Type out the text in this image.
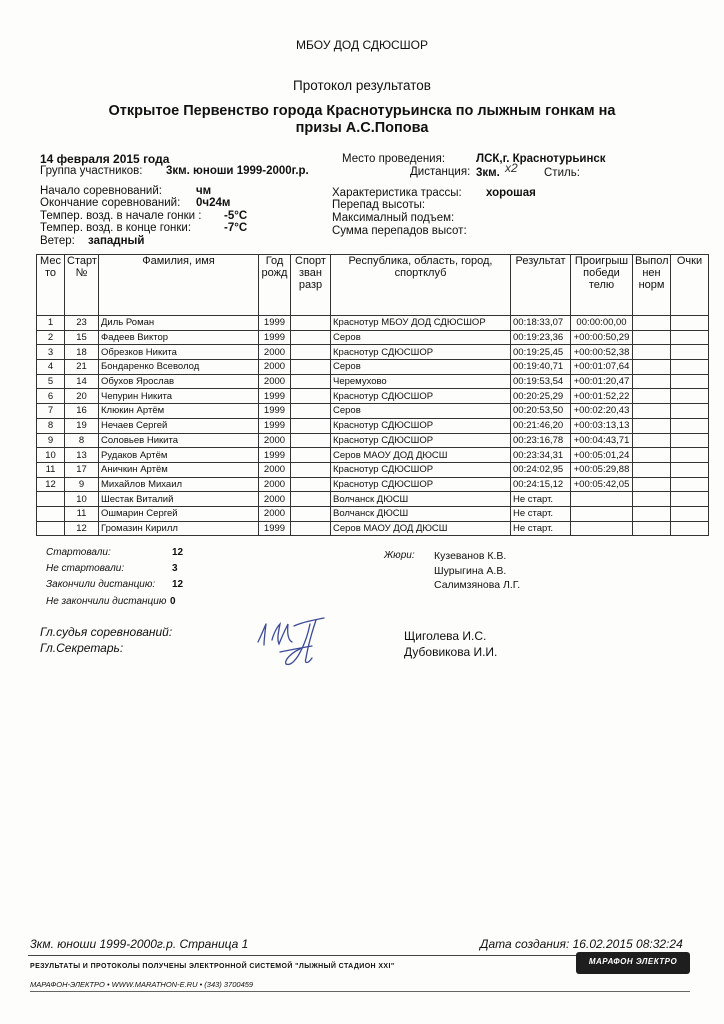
МБОУ ДОД СДЮСШОР
Протокол результатов
Открытое Первенство города Краснотурьинска по лыжным гонкам на
призы А.С.Попова
14 февраля 2015 года
Группа участников: 3км. юноши 1999-2000г.р.
Начало соревнований:	чм
Окончание соревнований: 0ч24м
Темпер. возд. в начале гонки : -5°С
Темпер. возд. в конце гонки:	-7°С
Ветер: западный
Место проведения:	ЛСК,г. Краснотурьинск
Дистанция: 3км. x2 Стиль:
Характеристика трассы: хорошая
Перепад высоты:
Максималный подъем:
Сумма перепадов высот:
Мес то	Старт №	Фамилия, имя	Год рожд	Спорт зван разр	Республика, область, город, спортклуб	Результат	Проигрыш победи телю	Выпол нен норм	Очки
1	23	Диль Роман	1999		Краснотур МБОУ ДОД СДЮСШОР	00:18:33,07	00:00:00,00		
2	15	Фадеев Виктор	1999		Серов	00:19:23,36	+00:00:50,29		
3	18	Обрезков Никита	2000		Краснотур СДЮСШОР	00:19:25,45	+00:00:52,38		
4	21	Бондаренко Всеволод	2000		Серов	00:19:40,71	+00:01:07,64		
5	14	Обухов Ярослав	2000		Черемухово	00:19:53,54	+00:01:20,47		
6	20	Чепурин Никита	1999		Краснотур СДЮСШОР	00:20:25,29	+00:01:52,22		
7	16	Клюкин Артём	1999		Серов	00:20:53,50	+00:02:20,43		
8	19	Нечаев Сергей	1999		Краснотур СДЮСШОР	00:21:46,20	+00:03:13,13		
9	8	Соловьев Никита	2000		Краснотур СДЮСШОР	00:23:16,78	+00:04:43,71		
10	13	Рудаков Артём	1999		Серов МАОУ ДОД ДЮСШ	00:23:34,31	+00:05:01,24		
11	17	Аничкин Артём	2000		Краснотур СДЮСШОР	00:24:02,95	+00:05:29,88		
12	9	Михайлов Михаил	2000		Краснотур СДЮСШОР	00:24:15,12	+00:05:42,05		
	10	Шестак Виталий	2000		Волчанск ДЮСШ	Не старт.			
	11	Ошмарин Сергей	2000		Волчанск ДЮСШ	Не старт.			
	12	Громазин Кирилл	1999		Серов МАОУ ДОД ДЮСШ	Не старт.			
Стартовали:	12
Не стартовали:	3
Закончили дистанцию: 12
Не закончили дистанцию 0
Жюри: Кузеванов К.В.
Шурыгина А.В.
Салимзянова Л.Г.
Гл.судья соревнований:
Гл.Секретарь:
Щиголева И.С.
Дубовикова И.И.
3км. юноши 1999-2000г.р. Страница 1	Дата создания: 16.02.2015 08:32:24
РЕЗУЛЬТАТЫ И ПРОТОКОЛЫ ПОЛУЧЕНЫ ЭЛЕКТРОННОЙ СИСТЕМОЙ "ЛЫЖНЫЙ СТАДИОН XXI"
МАРАФОН-ЭЛЕКТРО • WWW.MARATHON-E.RU • (343) 3700459
МАРАФОН ЭЛЕКТРО
